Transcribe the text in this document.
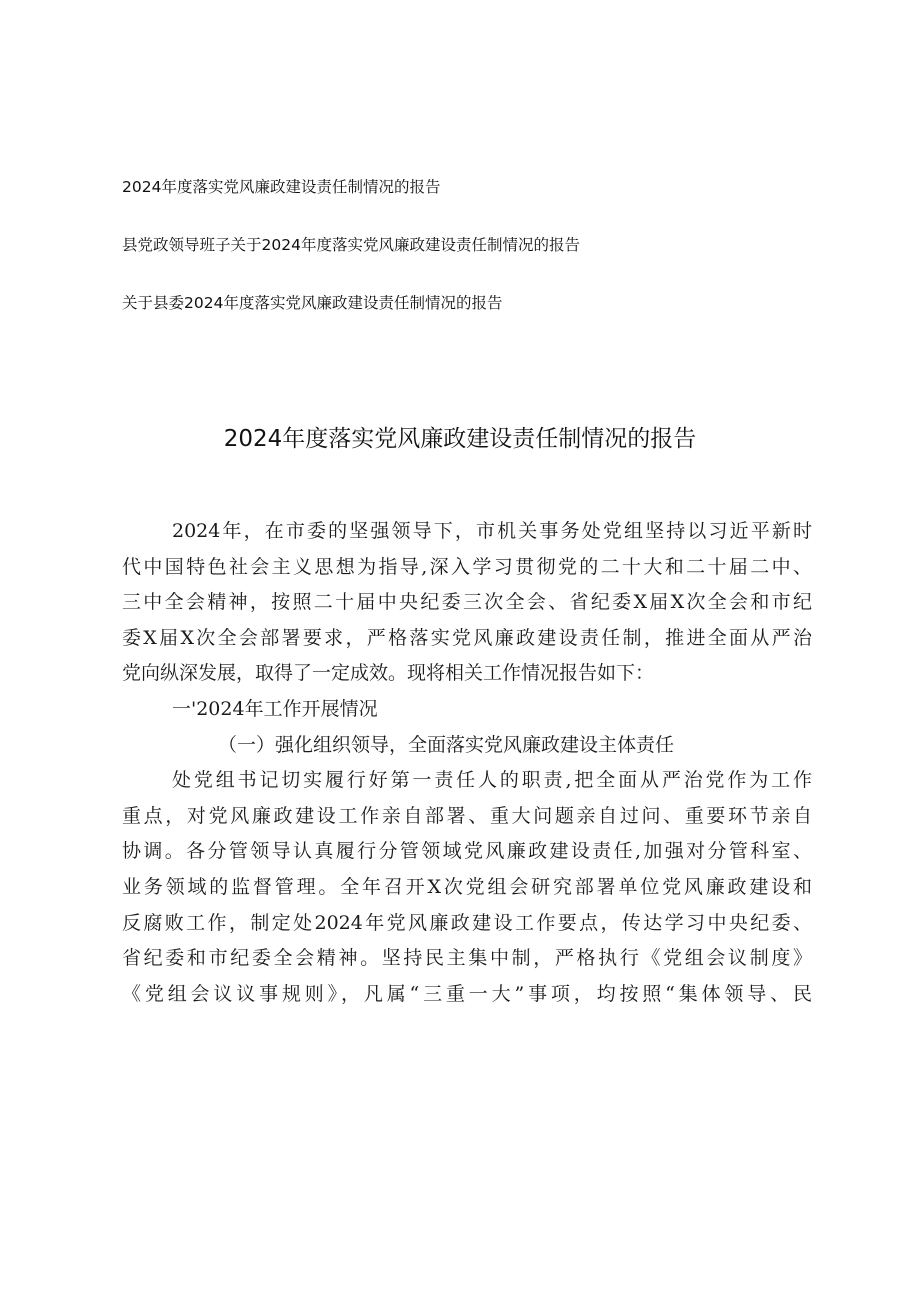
2024年度落实党风廉政建设责任制情况的报告
县党政领导班子关于2024年度落实党风廉政建设责任制情况的报告
关于县委2024年度落实党风廉政建设责任制情况的报告
2024年度落实党风廉政建设责任制情况的报告
2024年，在市委的坚强领导下，市机关事务处党组坚持以习近平新时
代中国特色社会主义思想为指导,深入学习贯彻党的二十大和二十届二中、
三中全会精神，按照二十届中央纪委三次全会、省纪委X届X次全会和市纪
委X届X次全会部署要求，严格落实党风廉政建设责任制，推进全面从严治
党向纵深发展，取得了一定成效。现将相关工作情况报告如下：
一'2024年工作开展情况
（一）强化组织领导，全面落实党风廉政建设主体责任
处党组书记切实履行好第一责任人的职责,把全面从严治党作为工作
重点，对党风廉政建设工作亲自部署、重大问题亲自过问、重要环节亲自
协调。各分管领导认真履行分管领域党风廉政建设责任,加强对分管科室、
业务领域的监督管理。全年召开X次党组会研究部署单位党风廉政建设和
反腐败工作，制定处2024年党风廉政建设工作要点，传达学习中央纪委、
省纪委和市纪委全会精神。坚持民主集中制，严格执行《党组会议制度》
《党组会议议事规则》，凡属“三重一大”事项，均按照“集体领导、民
